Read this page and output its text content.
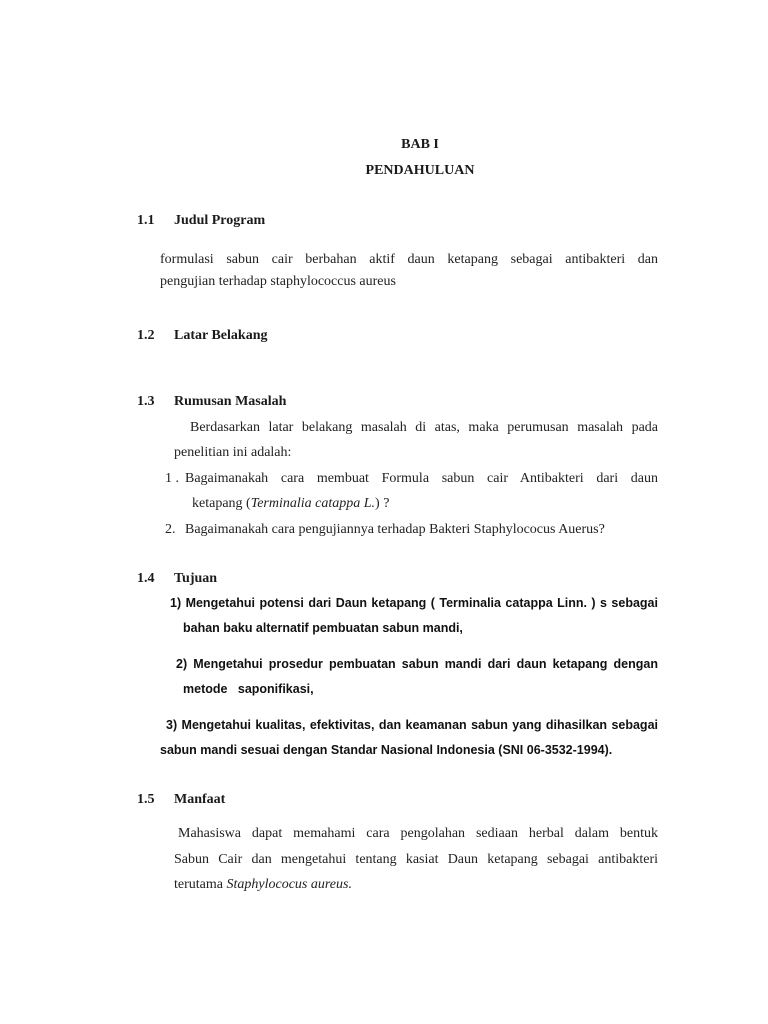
BAB I
PENDAHULUAN
1.1 Judul Program
formulasi sabun cair berbahan aktif daun ketapang sebagai antibakteri dan
pengujian terhadap staphylococcus aureus
1.2 Latar Belakang
1.3 Rumusan Masalah
Berdasarkan latar belakang masalah di atas, maka perumusan masalah pada
penelitian ini adalah:
1 . Bagaimanakah cara membuat Formula sabun cair Antibakteri dari daun
ketapang (Terminalia catappa L.) ?
2. Bagaimanakah cara pengujiannya terhadap Bakteri Staphylococus Auerus?
1.4 Tujuan
1) Mengetahui potensi dari Daun ketapang ( Terminalia catappa Linn. ) s sebagai
bahan baku alternatif pembuatan sabun mandi,
2) Mengetahui prosedur pembuatan sabun mandi dari daun ketapang dengan
metode   saponifikasi,
3) Mengetahui kualitas, efektivitas, dan keamanan sabun yang dihasilkan sebagai
sabun mandi sesuai dengan Standar Nasional Indonesia (SNI 06-3532-1994).
1.5 Manfaat
Mahasiswa dapat memahami cara pengolahan sediaan herbal dalam bentuk
Sabun Cair dan mengetahui tentang kasiat Daun ketapang sebagai antibakteri
terutama Staphylococus aureus.
